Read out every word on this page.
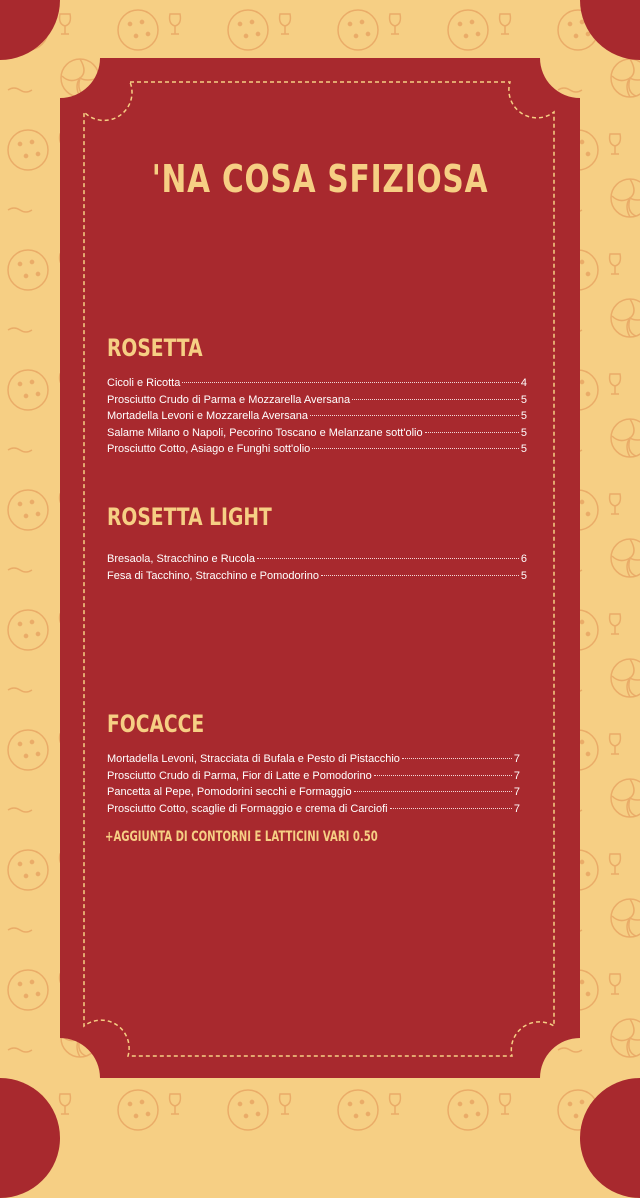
'NA COSA SFIZIOSA
ROSETTA
Cicoli e Ricotta	4
Prosciutto Crudo di Parma e Mozzarella Aversana	5
Mortadella Levoni e Mozzarella Aversana	5
Salame Milano o Napoli, Pecorino Toscano e Melanzane sott'olio	5
Prosciutto Cotto, Asiago e Funghi sott'olio	5
ROSETTA LIGHT
Bresaola, Stracchino e Rucola	6
Fesa di Tacchino, Stracchino e Pomodorino	5
FOCACCE
Mortadella Levoni, Stracciata di Bufala e Pesto di Pistacchio	7
Prosciutto Crudo di Parma, Fior di Latte e Pomodorino	7
Pancetta al Pepe, Pomodorini secchi e Formaggio	7
Prosciutto Cotto, scaglie di Formaggio e crema di Carciofi	7
+AGGIUNTA DI CONTORNI E LATTICINI VARI 0.50
